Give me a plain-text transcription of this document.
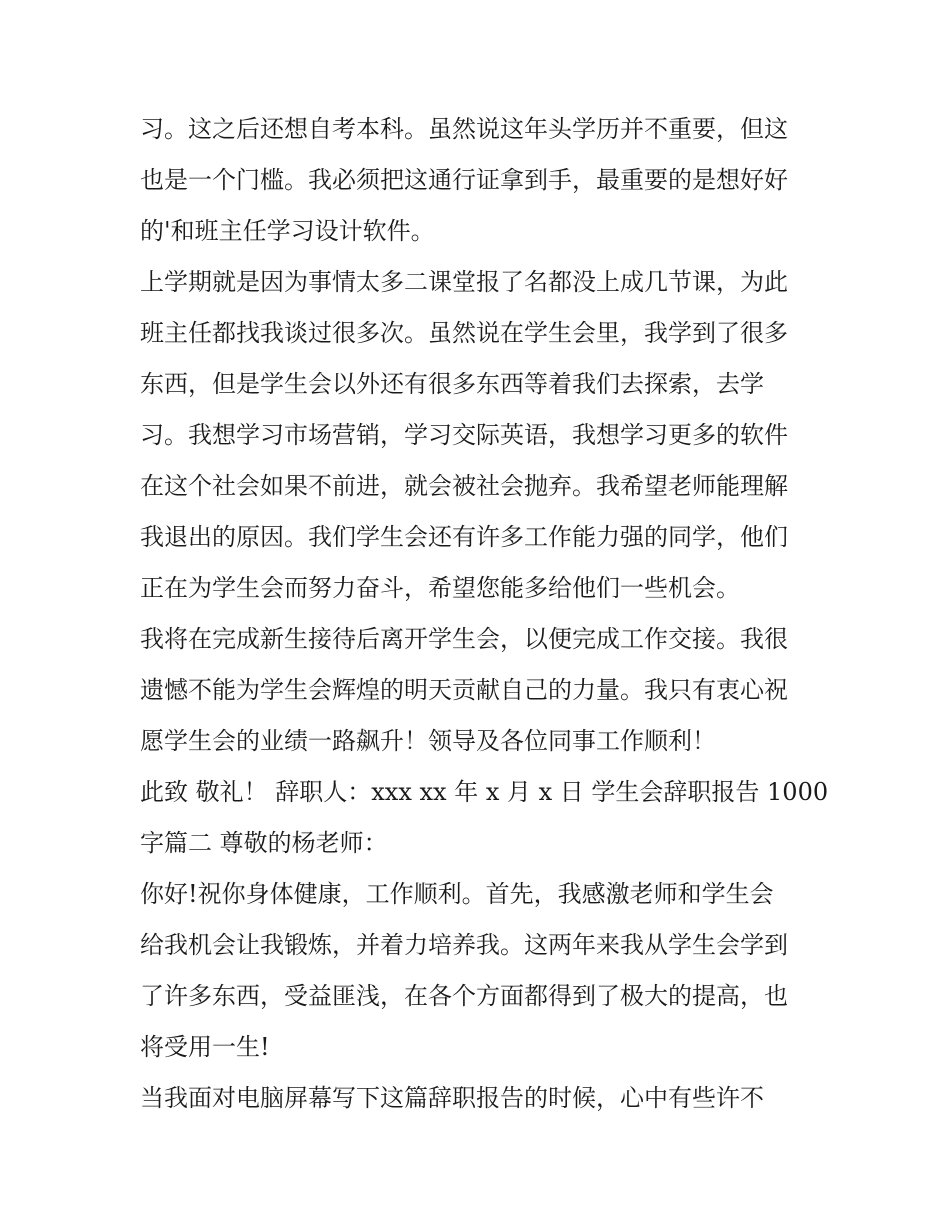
习。这之后还想自考本科。虽然说这年头学历并不重要，但这
也是一个门槛。我必须把这通行证拿到手，最重要的是想好好
的'和班主任学习设计软件。
上学期就是因为事情太多二课堂报了名都没上成几节课，为此
班主任都找我谈过很多次。虽然说在学生会里，我学到了很多
东西，但是学生会以外还有很多东西等着我们去探索，去学
习。我想学习市场营销，学习交际英语，我想学习更多的软件
在这个社会如果不前进，就会被社会抛弃。我希望老师能理解
我退出的原因。我们学生会还有许多工作能力强的同学，他们
正在为学生会而努力奋斗，希望您能多给他们一些机会。
我将在完成新生接待后离开学生会，以便完成工作交接。我很
遗憾不能为学生会辉煌的明天贡献自己的力量。我只有衷心祝
愿学生会的业绩一路飙升！领导及各位同事工作顺利！
此致 敬礼！ 辞职人：xxx xx 年 x 月 x 日 学生会辞职报告 1000
字篇二 尊敬的杨老师：
你好!祝你身体健康，工作顺利。首先，我感激老师和学生会
给我机会让我锻炼，并着力培养我。这两年来我从学生会学到
了许多东西，受益匪浅，在各个方面都得到了极大的提高，也
将受用一生!
当我面对电脑屏幕写下这篇辞职报告的时候，心中有些许不
